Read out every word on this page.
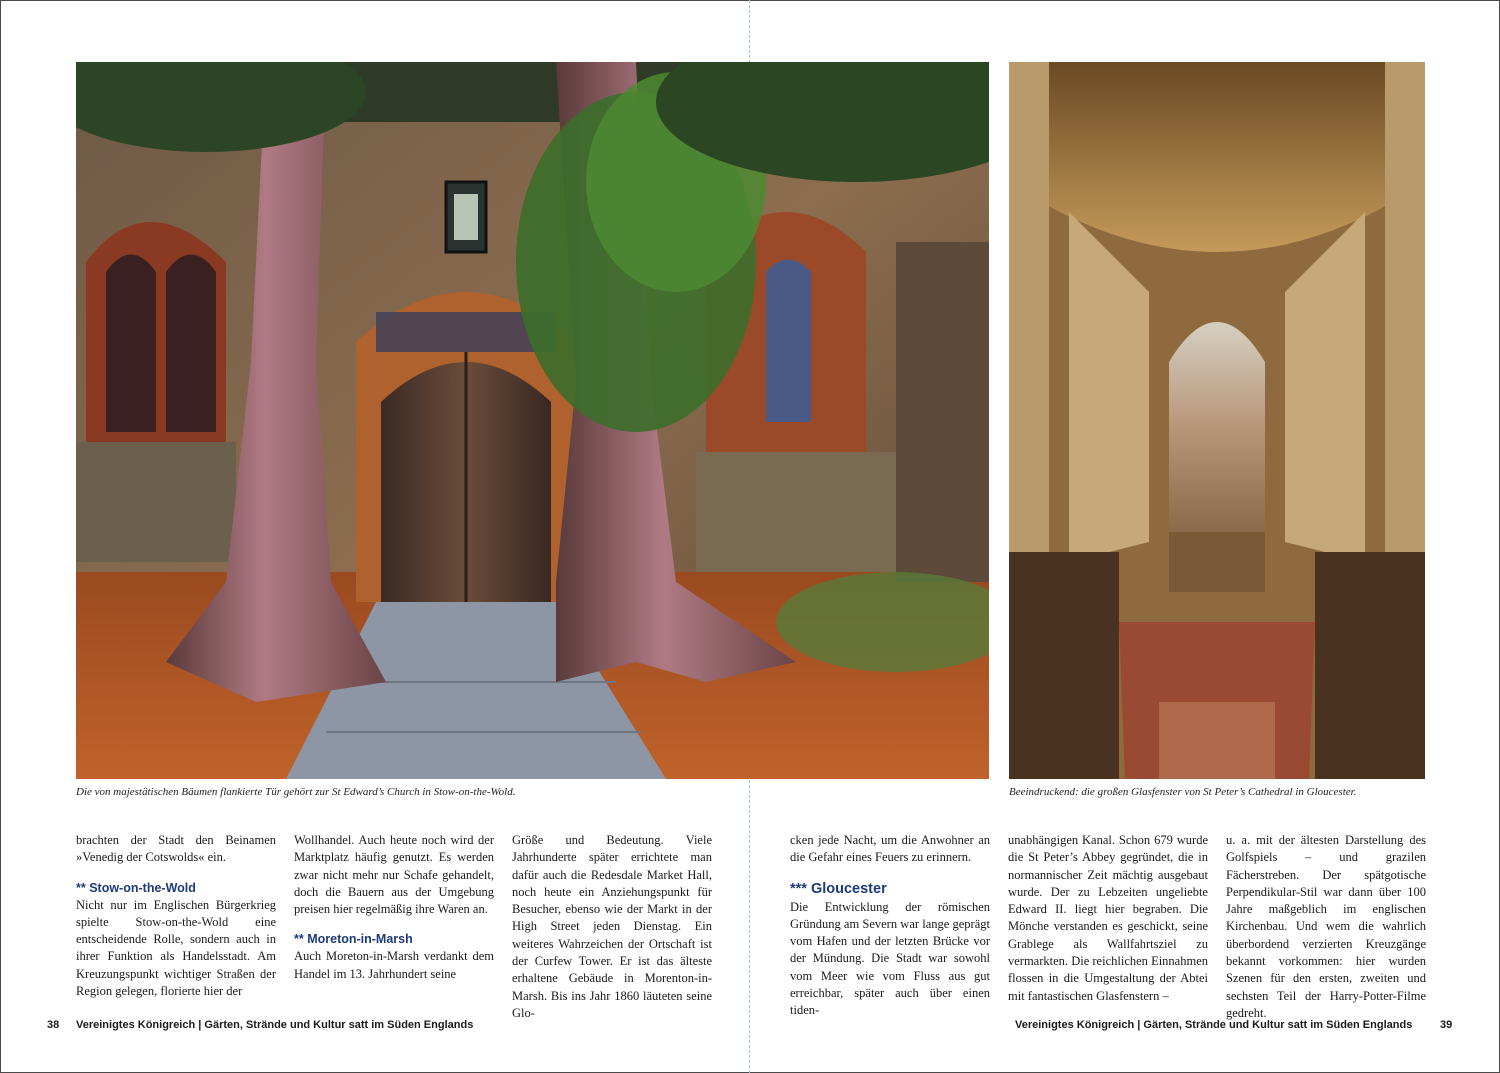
Die von majestätischen Bäumen flankierte Tür gehört zur St Edward’s Church in Stow-on-the-Wold.	Beeindruckend: die großen Glasfenster von St Peter’s Cathedral in Gloucester.

brachten der Stadt den Beinamen »Venedig der Cotswolds« ein.

** Stow-on-the-Wold

Nicht nur im Englischen Bürgerkrieg spielte Stow-on-the-Wold eine entscheidende Rolle, sondern auch in ihrer Funktion als Handelsstadt. Am Kreuzungspunkt wichtiger Straßen der Region gelegen, florierte hier der

Wollhandel. Auch heute noch wird der Marktplatz häufig genutzt. Es werden zwar nicht mehr nur Schafe gehandelt, doch die Bauern aus der Umgebung preisen hier regelmäßig ihre Waren an.

** Moreton-in-Marsh

Auch Moreton-in-Marsh verdankt dem Handel im 13. Jahrhundert seine

Größe und Bedeutung. Viele Jahrhunderte später errichtete man dafür auch die Redesdale Market Hall, noch heute ein Anziehungspunkt für Besucher, ebenso wie der Markt in der High Street jeden Dienstag. Ein weiteres Wahrzeichen der Ortschaft ist der Curfew Tower. Er ist das älteste erhaltene Gebäude in Morenton-in-Marsh. Bis ins Jahr 1860 läuteten seine Glo-

cken jede Nacht, um die Anwohner an die Gefahr eines Feuers zu erinnern.

*** Gloucester

Die Entwicklung der römischen Gründung am Severn war lange geprägt vom Hafen und der letzten Brücke vor der Mündung. Die Stadt war sowohl vom Meer wie vom Fluss aus gut erreichbar, später auch über einen tiden-

unabhängigen Kanal. Schon 679 wurde die St Peter’s Abbey gegründet, die in normannischer Zeit mächtig ausgebaut wurde. Der zu Lebzeiten ungeliebte Edward II. liegt hier begraben. Die Mönche verstanden es geschickt, seine Grablege als Wallfahrtsziel zu vermarkten. Die reichlichen Einnahmen flossen in die Umgestaltung der Abtei mit fantastischen Glasfenstern –

u. a. mit der ältesten Darstellung des Golfspiels – und grazilen Fächerstreben. Der spätgotische Perpendikular-Stil war dann über 100 Jahre maßgeblich im englischen Kirchenbau. Und wem die wahrlich überbordend verzierten Kreuzgänge bekannt vorkommen: hier wurden Szenen für den ersten, zweiten und sechsten Teil der Harry-Potter-Filme gedreht.

38 Vereinigtes Königreich | Gärten, Strände und Kultur satt im Süden Englands	Vereinigtes Königreich | Gärten, Strände und Kultur satt im Süden Englands	39
